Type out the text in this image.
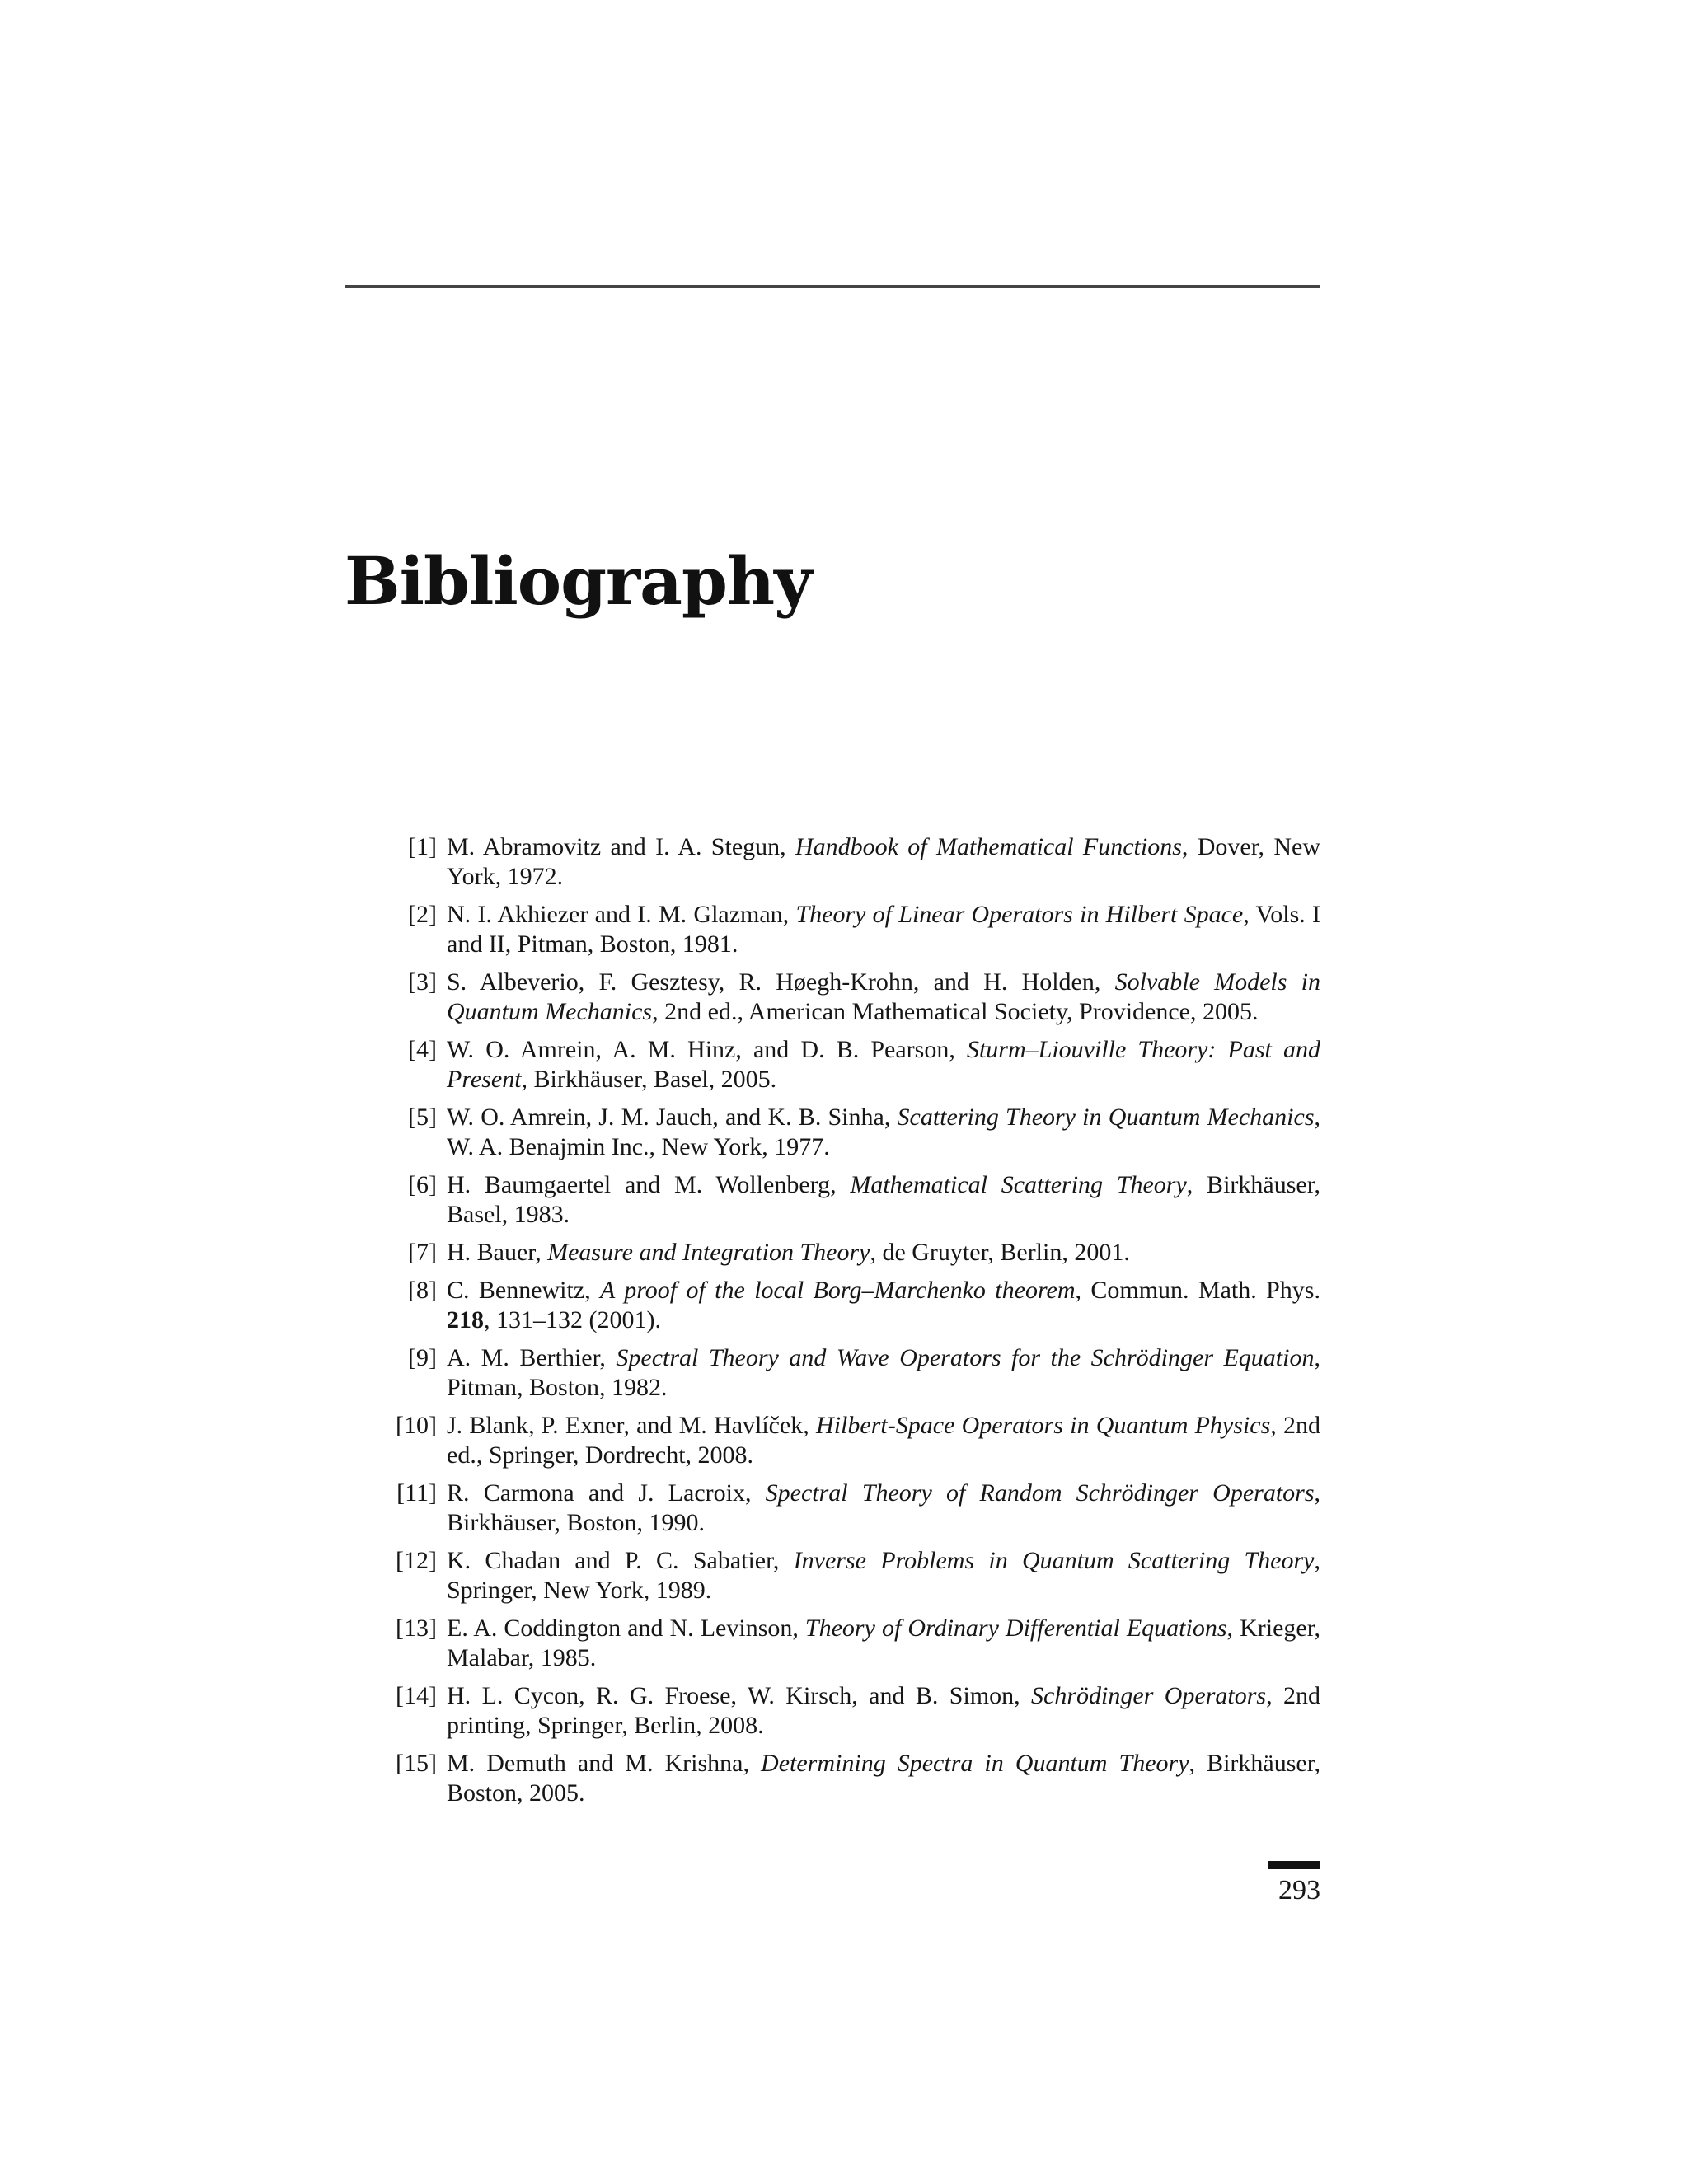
Bibliography
[1] M. Abramovitz and I. A. Stegun, Handbook of Mathematical Functions, Dover, New York, 1972.
[2] N. I. Akhiezer and I. M. Glazman, Theory of Linear Operators in Hilbert Space, Vols. I and II, Pitman, Boston, 1981.
[3] S. Albeverio, F. Gesztesy, R. Høegh-Krohn, and H. Holden, Solvable Models in Quantum Mechanics, 2nd ed., American Mathematical Society, Providence, 2005.
[4] W. O. Amrein, A. M. Hinz, and D. B. Pearson, Sturm–Liouville Theory: Past and Present, Birkhäuser, Basel, 2005.
[5] W. O. Amrein, J. M. Jauch, and K. B. Sinha, Scattering Theory in Quantum Mechanics, W. A. Benajmin Inc., New York, 1977.
[6] H. Baumgaertel and M. Wollenberg, Mathematical Scattering Theory, Birkhäuser, Basel, 1983.
[7] H. Bauer, Measure and Integration Theory, de Gruyter, Berlin, 2001.
[8] C. Bennewitz, A proof of the local Borg–Marchenko theorem, Commun. Math. Phys. 218, 131–132 (2001).
[9] A. M. Berthier, Spectral Theory and Wave Operators for the Schrödinger Equation, Pitman, Boston, 1982.
[10] J. Blank, P. Exner, and M. Havlíček, Hilbert-Space Operators in Quantum Physics, 2nd ed., Springer, Dordrecht, 2008.
[11] R. Carmona and J. Lacroix, Spectral Theory of Random Schrödinger Operators, Birkhäuser, Boston, 1990.
[12] K. Chadan and P. C. Sabatier, Inverse Problems in Quantum Scattering Theory, Springer, New York, 1989.
[13] E. A. Coddington and N. Levinson, Theory of Ordinary Differential Equations, Krieger, Malabar, 1985.
[14] H. L. Cycon, R. G. Froese, W. Kirsch, and B. Simon, Schrödinger Operators, 2nd printing, Springer, Berlin, 2008.
[15] M. Demuth and M. Krishna, Determining Spectra in Quantum Theory, Birkhäuser, Boston, 2005.
293
